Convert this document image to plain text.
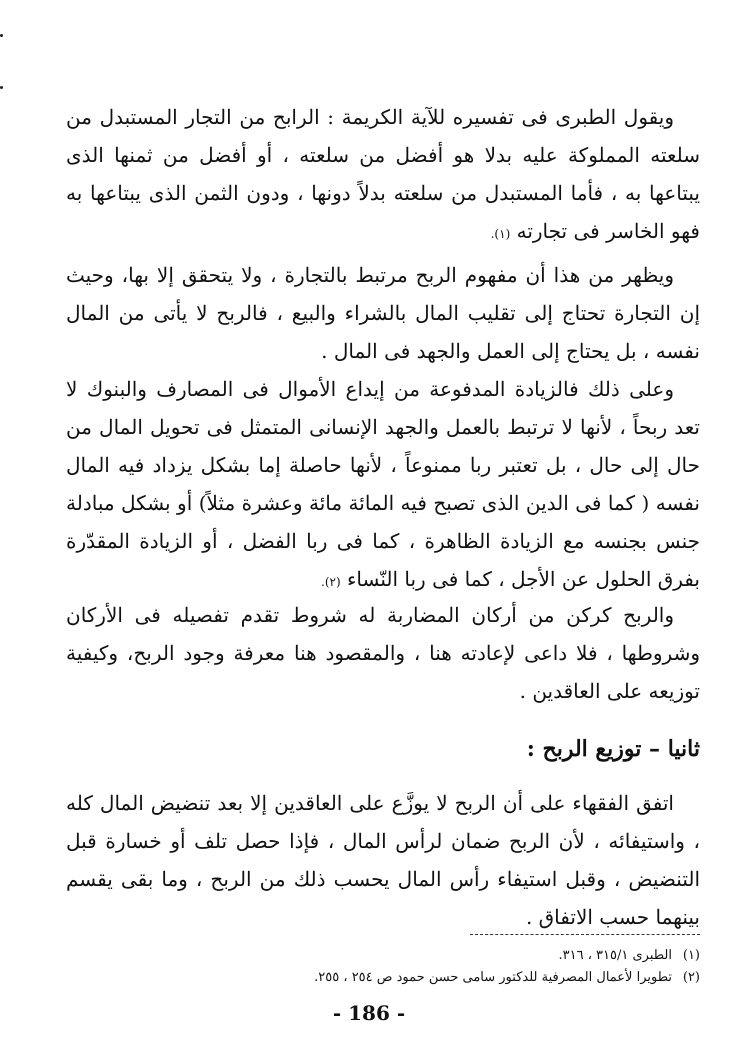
ويقول الطبرى فى تفسيره للآية الكريمة : الرابح من التجار المستبدل من سلعته المملوكة عليه بدلا هو أفضل من سلعته ، أو أفضل من ثمنها الذى يبتاعها به ، فأما المستبدل من سلعته بدلاً دونها ، ودون الثمن الذى يبتاعها به فهو الخاسر فى تجارته (١).
ويظهر من هذا أن مفهوم الربح مرتبط بالتجارة ، ولا يتحقق إلا بها، وحيث إن التجارة تحتاج إلى تقليب المال بالشراء والبيع ، فالربح لا يأتى من المال نفسه ، بل يحتاج إلى العمل والجهد فى المال .
وعلى ذلك فالزيادة المدفوعة من إيداع الأموال فى المصارف والبنوك لا تعد ربحاً ، لأنها لا ترتبط بالعمل والجهد الإنسانى المتمثل فى تحويل المال من حال إلى حال ، بل تعتبر ربا ممنوعاً ، لأنها حاصلة إما بشكل يزداد فيه المال نفسه ( كما فى الدين الذى تصبح فيه المائة مائة وعشرة مثلاً) أو بشكل مبادلة جنس بجنسه مع الزيادة الظاهرة ، كما فى ربا الفضل ، أو الزيادة المقدّرة بفرق الحلول عن الأجل ، كما فى ربا النّساء (٢).
والربح كركن من أركان المضاربة له شروط تقدم تفصيله فى الأركان وشروطها ، فلا داعى لإعادته هنا ، والمقصود هنا معرفة وجود الربح، وكيفية توزيعه على العاقدين .
ثانيا – توزيع الربح :
اتفق الفقهاء على أن الربح لا يوزَّع على العاقدين إلا بعد تنضيض المال كله ، واستيفائه ، لأن الربح ضمان لرأس المال ، فإذا حصل تلف أو خسارة قبل التنضيض ، وقبل استيفاء رأس المال يحسب ذلك من الربح ، وما بقى يقسم بينهما حسب الاتفاق .
(١)
الطبرى ٣١٥/١ ، ٣١٦.
(٢)
تطويرا لأعمال المصرفية للدكتور سامى حسن حمود ص ٢٥٤ ، ٢٥٥.
- 186 -
